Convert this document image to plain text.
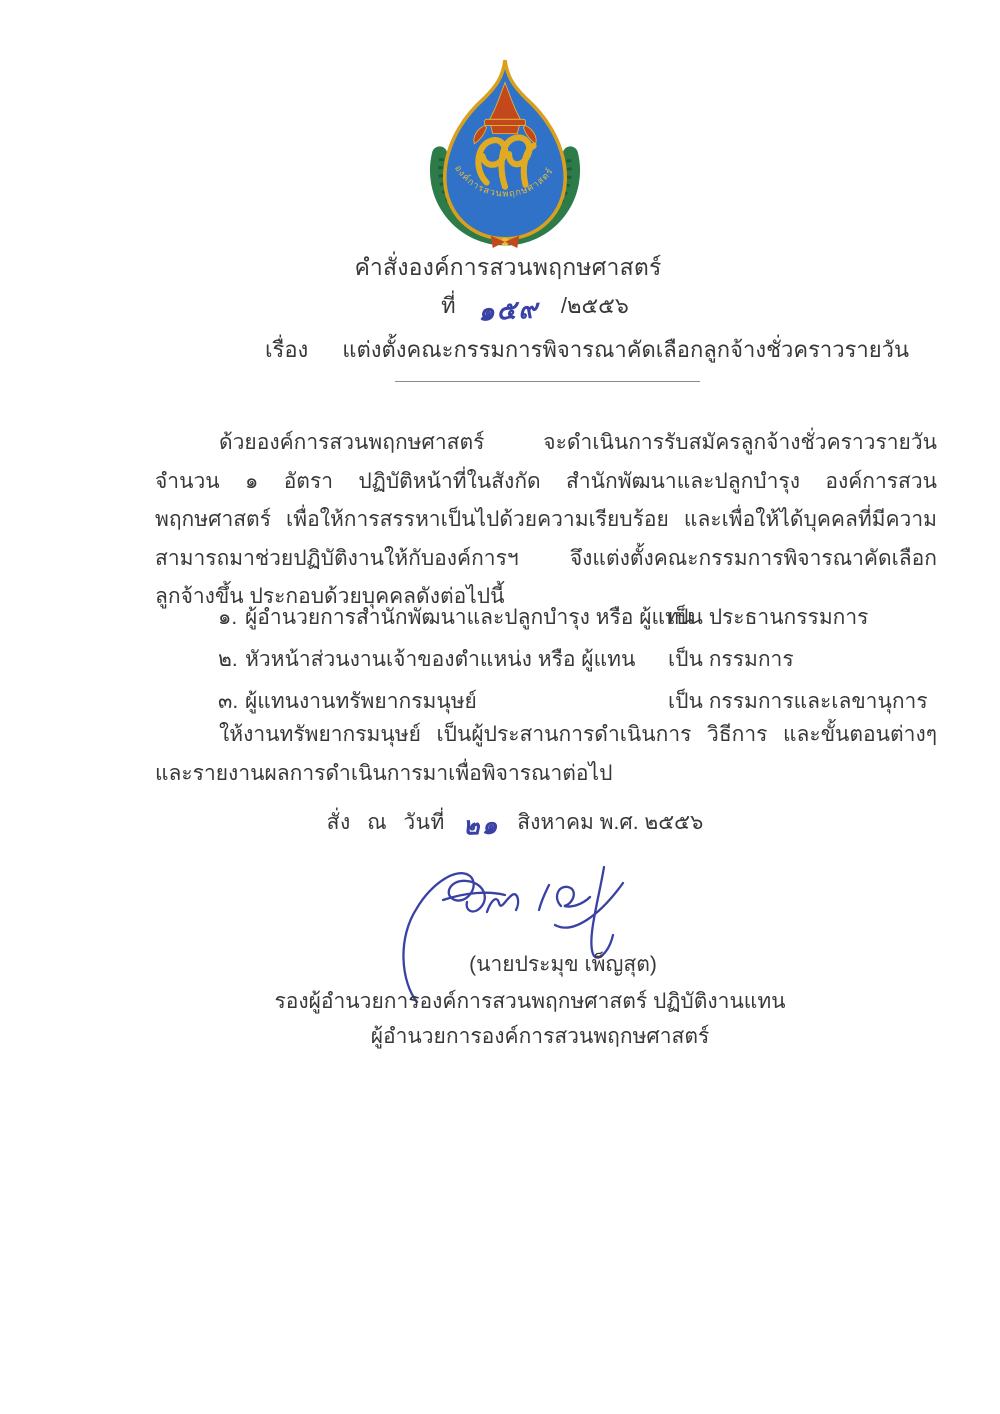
องค์การสวนพฤกษศาสตร์
คำสั่งองค์การสวนพฤกษศาสตร์
ที่ ๑๕๙ /๒๕๕๖
เรื่อง แต่งตั้งคณะกรรมการพิจารณาคัดเลือกลูกจ้างชั่วคราวรายวัน
ด้วยองค์การสวนพฤกษศาสตร์ จะดำเนินการรับสมัครลูกจ้างชั่วคราวรายวัน จำนวน ๑ อัตรา ปฏิบัติหน้าที่ในสังกัด สำนักพัฒนาและปลูกบำรุง องค์การสวนพฤกษศาสตร์ เพื่อให้การสรรหาเป็นไปด้วยความเรียบร้อย และเพื่อให้ได้บุคคลที่มีความสามารถมาช่วยปฏิบัติงานให้กับองค์การฯ จึงแต่งตั้งคณะกรรมการพิจารณาคัดเลือกลูกจ้างขึ้น ประกอบด้วยบุคคลดังต่อไปนี้
๑. ผู้อำนวยการสำนักพัฒนาและปลูกบำรุง หรือ ผู้แทน
เป็น ประธานกรรมการ
๒. หัวหน้าส่วนงานเจ้าของตำแหน่ง หรือ ผู้แทน เป็น กรรมการ
๓. ผู้แทนงานทรัพยากรมนุษย์	เป็น กรรมการและเลขานุการ
ให้งานทรัพยากรมนุษย์ เป็นผู้ประสานการดำเนินการ วิธีการ และขั้นตอนต่างๆ และรายงานผลการดำเนินการมาเพื่อพิจารณาต่อไป
สั่ง ณ วันที่ ๒๑ สิงหาคม พ.ศ. ๒๕๕๖
(นายประมุข เพ็ญสุต)
รองผู้อำนวยการองค์การสวนพฤกษศาสตร์ ปฏิบัติงานแทน
ผู้อำนวยการองค์การสวนพฤกษศาสตร์
